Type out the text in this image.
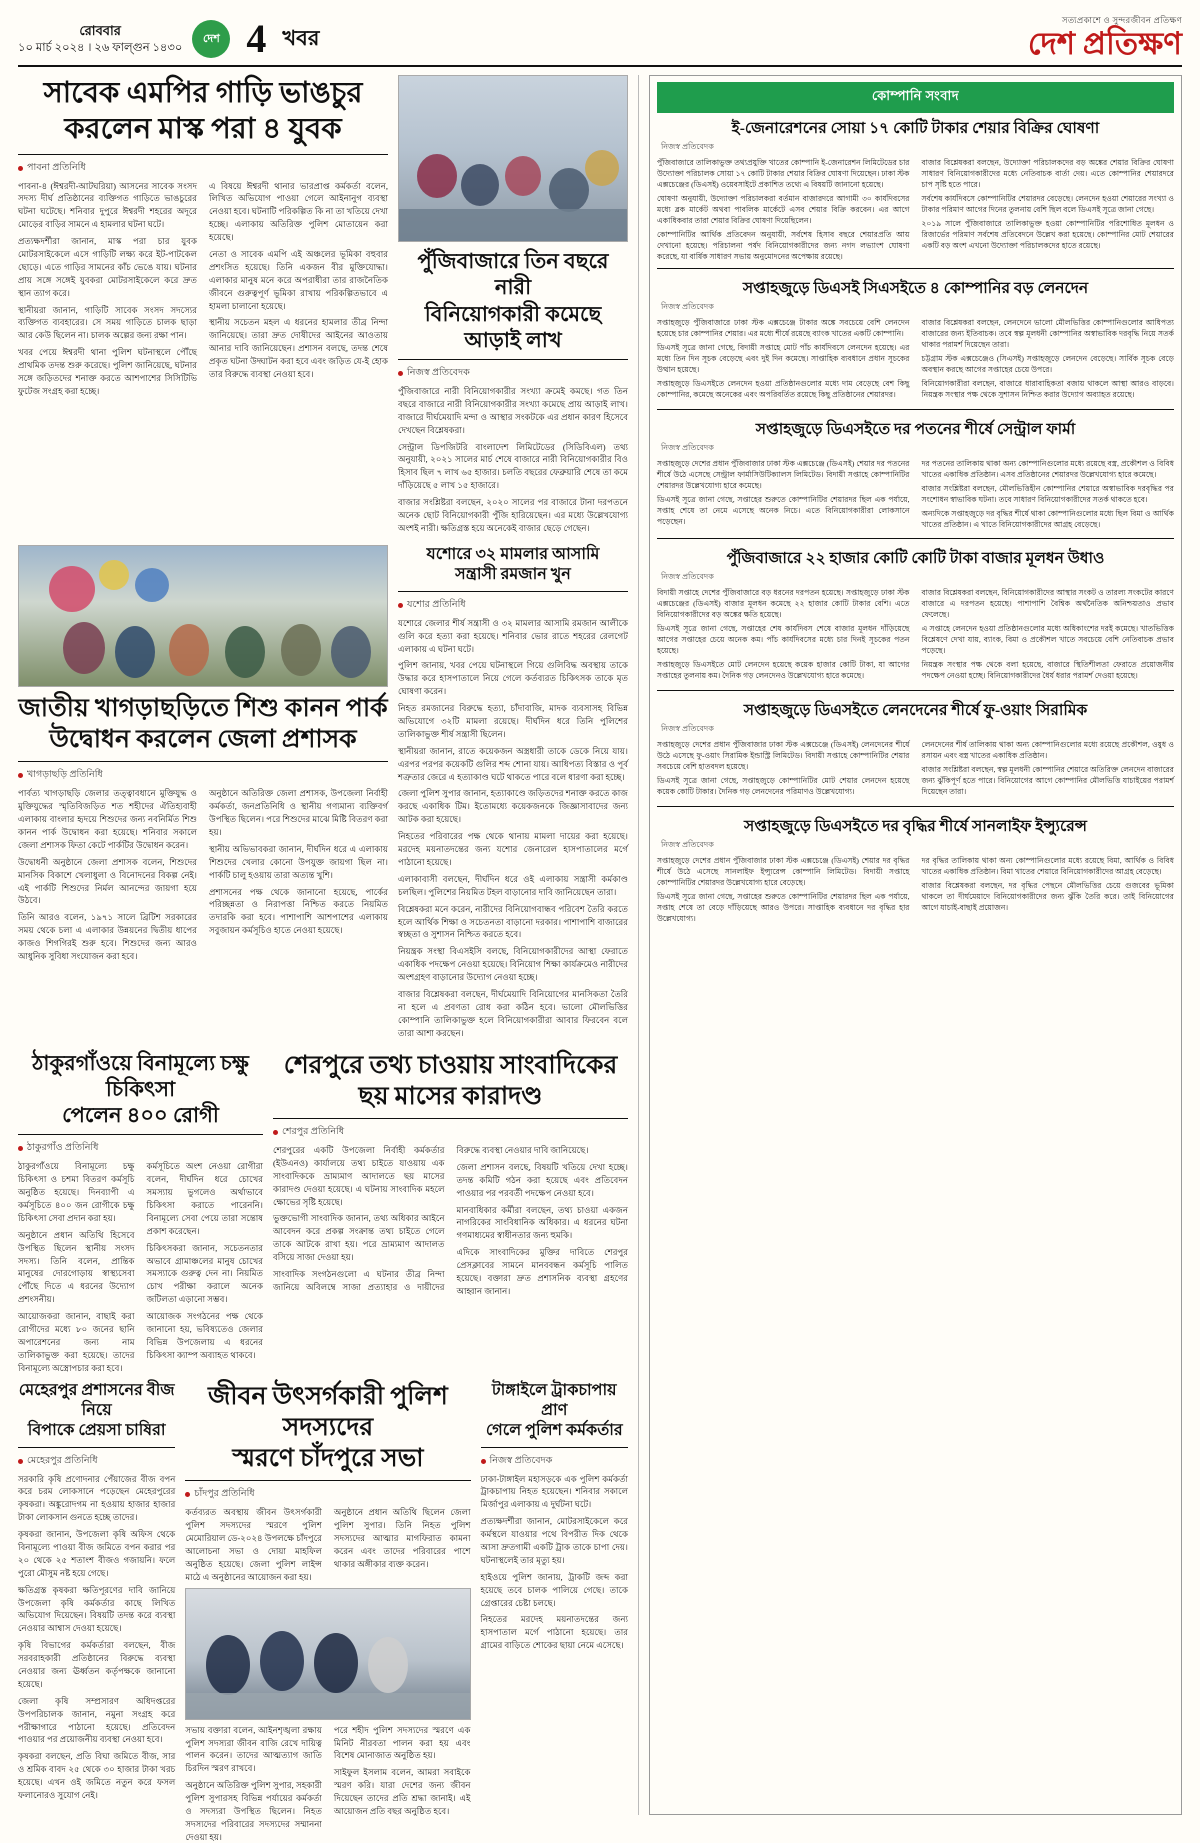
রোববার
১০ মার্চ ২০২৪ । ২৬ ফাল্গুন ১৪৩০
দেশ 4 খবর
সত্যপ্রকাশে ও সুন্দরজীবন প্রতিক্ষণ
দেশ প্রতিক্ষণ
সাবেক এমপির গাড়ি ভাঙচুর
করলেন মাস্ক পরা ৪ যুবক
পাবনা প্রতিনিধি

পাবনা-৪ (ঈশ্বরদী-আটঘরিয়া) আসনের সাবেক সংসদ সদস্য দীর্ঘ প্রতিষ্ঠানের ব্যক্তিগত গাড়িতে ভাঙচুরের ঘটনা ঘটেছে। শনিবার দুপুরে ঈশ্বরদী শহরের অদূরে মোড়ের বাড়ির সামনে এ হামলার ঘটনা ঘটে।

প্রত্যক্ষদর্শীরা জানান, মাস্ক পরা চার যুবক মোটরসাইকেলে এসে গাড়িটি লক্ষ্য করে ইট-পাটকেল ছোড়ে। এতে গাড়ির সামনের কাঁচ ভেঙে যায়। ঘটনার প্রায় সঙ্গে সঙ্গেই যুবকরা মোটরসাইকেলে করে দ্রুত স্থান ত্যাগ করে।

স্থানীয়রা জানান, গাড়িটি সাবেক সংসদ সদস্যের ব্যক্তিগত ব্যবহারের। সে সময় গাড়িতে চালক ছাড়া আর কেউ ছিলেন না। চালক অল্পের জন্য রক্ষা পান।

খবর পেয়ে ঈশ্বরদী থানা পুলিশ ঘটনাস্থলে পৌঁছে প্রাথমিক তদন্ত শুরু করেছে। পুলিশ জানিয়েছে, ঘটনার সঙ্গে জড়িতদের শনাক্ত করতে আশপাশের সিসিটিভি ফুটেজ সংগ্রহ করা হচ্ছে।

এ বিষয়ে ঈশ্বরদী থানার ভারপ্রাপ্ত কর্মকর্তা বলেন, লিখিত অভিযোগ পাওয়া গেলে আইনানুগ ব্যবস্থা নেওয়া হবে। ঘটনাটি পরিকল্পিত কি না তা খতিয়ে দেখা হচ্ছে। এলাকায় অতিরিক্ত পুলিশ মোতায়েন করা হয়েছে।

নেতা ও সাবেক এমপি এই অঞ্চলের ভূমিকা বহুবার প্রশংসিত হয়েছে। তিনি একজন বীর মুক্তিযোদ্ধা। এলাকার মানুষ মনে করে অপরাধীরা তার রাজনৈতিক জীবনে গুরুত্বপূর্ণ ভূমিকা রাখায় পরিকল্পিতভাবে এ হামলা চালানো হয়েছে।

স্থানীয় সচেতন মহল এ ধরনের হামলার তীব্র নিন্দা জানিয়েছে। তারা দ্রুত দোষীদের আইনের আওতায় আনার দাবি জানিয়েছেন। প্রশাসন বলছে, তদন্ত শেষে প্রকৃত ঘটনা উদ্ঘাটন করা হবে এবং জড়িত যে-ই হোক তার বিরুদ্ধে ব্যবস্থা নেওয়া হবে।

পুঁজিবাজারে তিন বছরে নারী
বিনিয়োগকারী কমেছে আড়াই লাখ
নিজস্ব প্রতিবেদক

পুঁজিবাজারে নারী বিনিয়োগকারীর সংখ্যা ক্রমেই কমছে। গত তিন বছরে বাজারে নারী বিনিয়োগকারীর সংখ্যা কমেছে প্রায় আড়াই লাখ। বাজারে দীর্ঘমেয়াদি মন্দা ও আস্থার সংকটকে এর প্রধান কারণ হিসেবে দেখছেন বিশ্লেষকরা।

সেন্ট্রাল ডিপজিটরি বাংলাদেশ লিমিটেডের (সিডিবিএল) তথ্য অনুযায়ী, ২০২১ সালের মার্চ শেষে বাজারে নারী বিনিয়োগকারীর বিও হিসাব ছিল ৭ লাখ ৬৫ হাজার। চলতি বছরের ফেব্রুয়ারি শেষে তা কমে দাঁড়িয়েছে ৫ লাখ ১৫ হাজারে।

বাজার সংশ্লিষ্টরা বলছেন, ২০২০ সালের পর বাজারে টানা দরপতনে অনেক ছোট বিনিয়োগকারী পুঁজি হারিয়েছেন। এর মধ্যে উল্লেখযোগ্য অংশই নারী। ক্ষতিগ্রস্ত হয়ে অনেকেই বাজার ছেড়ে গেছেন।

জাতীয় খাগড়াছড়িতে শিশু কানন পার্ক
উদ্বোধন করলেন জেলা প্রশাসক
খাগড়াছড়ি প্রতিনিধি

পার্বত্য খাগড়াছড়ি জেলার তত্ত্বাবধানে মুক্তিযুদ্ধ ও মুক্তিযুদ্ধের স্মৃতিবিজড়িত শত শহীদের ঐতিহ্যবাহী এলাকায় বাংলার হৃদয়ে শিশুদের জন্য নবনির্মিত শিশু কানন পার্ক উদ্বোধন করা হয়েছে। শনিবার সকালে জেলা প্রশাসক ফিতা কেটে পার্কটির উদ্বোধন করেন।

উদ্বোধনী অনুষ্ঠানে জেলা প্রশাসক বলেন, শিশুদের মানসিক বিকাশে খেলাধুলা ও বিনোদনের বিকল্প নেই। এই পার্কটি শিশুদের নির্মল আনন্দের জায়গা হয়ে উঠবে।

তিনি আরও বলেন, ১৯৭১ সালে ব্রিটিশ সরকারের সময় থেকে চলা এ এলাকার উন্নয়নের দ্বিতীয় ধাপের কাজও শিগগিরই শুরু হবে। শিশুদের জন্য আরও আধুনিক সুবিধা সংযোজন করা হবে।

অনুষ্ঠানে অতিরিক্ত জেলা প্রশাসক, উপজেলা নির্বাহী কর্মকর্তা, জনপ্রতিনিধি ও স্থানীয় গণ্যমান্য ব্যক্তিবর্গ উপস্থিত ছিলেন। পরে শিশুদের মাঝে মিষ্টি বিতরণ করা হয়।

স্থানীয় অভিভাবকরা জানান, দীর্ঘদিন ধরে এ এলাকায় শিশুদের খেলার কোনো উপযুক্ত জায়গা ছিল না। পার্কটি চালু হওয়ায় তারা অত্যন্ত খুশি।

প্রশাসনের পক্ষ থেকে জানানো হয়েছে, পার্কের পরিচ্ছন্নতা ও নিরাপত্তা নিশ্চিত করতে নিয়মিত তদারকি করা হবে। পাশাপাশি আশপাশের এলাকায় সবুজায়ন কর্মসূচিও হাতে নেওয়া হয়েছে।

যশোরে ৩২ মামলার আসামি
সন্ত্রাসী রমজান খুন
যশোর প্রতিনিধি

যশোরে জেলার শীর্ষ সন্ত্রাসী ও ৩২ মামলার আসামি রমজান আলীকে গুলি করে হত্যা করা হয়েছে। শনিবার ভোর রাতে শহরের রেলগেট এলাকায় এ ঘটনা ঘটে।

পুলিশ জানায়, খবর পেয়ে ঘটনাস্থলে গিয়ে গুলিবিদ্ধ অবস্থায় তাকে উদ্ধার করে হাসপাতালে নিয়ে গেলে কর্তব্যরত চিকিৎসক তাকে মৃত ঘোষণা করেন।

নিহত রমজানের বিরুদ্ধে হত্যা, চাঁদাবাজি, মাদক ব্যবসাসহ বিভিন্ন অভিযোগে ৩২টি মামলা রয়েছে। দীর্ঘদিন ধরে তিনি পুলিশের তালিকাভুক্ত শীর্ষ সন্ত্রাসী ছিলেন।

স্থানীয়রা জানান, রাতে কয়েকজন অস্ত্রধারী তাকে ডেকে নিয়ে যায়। এরপর পরপর কয়েকটি গুলির শব্দ শোনা যায়। আধিপত্য বিস্তার ও পূর্ব শত্রুতার জেরে এ হত্যাকাণ্ড ঘটে থাকতে পারে বলে ধারণা করা হচ্ছে।

জেলা পুলিশ সুপার জানান, হত্যাকাণ্ডে জড়িতদের শনাক্ত করতে কাজ করছে একাধিক টিম। ইতোমধ্যে কয়েকজনকে জিজ্ঞাসাবাদের জন্য আটক করা হয়েছে।

নিহতের পরিবারের পক্ষ থেকে থানায় মামলা দায়ের করা হয়েছে। মরদেহ ময়নাতদন্তের জন্য যশোর জেনারেল হাসপাতালের মর্গে পাঠানো হয়েছে।

এলাকাবাসী বলছেন, দীর্ঘদিন ধরে ওই এলাকায় সন্ত্রাসী কর্মকাণ্ড চলছিল। পুলিশের নিয়মিত টহল বাড়ানোর দাবি জানিয়েছেন তারা।

বিশ্লেষকরা মনে করেন, নারীদের বিনিয়োগবান্ধব পরিবেশ তৈরি করতে হলে আর্থিক শিক্ষা ও সচেতনতা বাড়ানো দরকার। পাশাপাশি বাজারের স্বচ্ছতা ও সুশাসন নিশ্চিত করতে হবে।

নিয়ন্ত্রক সংস্থা বিএসইসি বলছে, বিনিয়োগকারীদের আস্থা ফেরাতে একাধিক পদক্ষেপ নেওয়া হয়েছে। বিনিয়োগ শিক্ষা কার্যক্রমেও নারীদের অংশগ্রহণ বাড়ানোর উদ্যোগ নেওয়া হচ্ছে।

বাজার বিশ্লেষকরা বলছেন, দীর্ঘমেয়াদি বিনিয়োগের মানসিকতা তৈরি না হলে এ প্রবণতা রোধ করা কঠিন হবে। ভালো মৌলভিত্তির কোম্পানি তালিকাভুক্ত হলে বিনিয়োগকারীরা আবার ফিরবেন বলে তারা আশা করছেন।

ঠাকুরগাঁওয়ে বিনামূল্যে চক্ষু চিকিৎসা
পেলেন ৪০০ রোগী
ঠাকুরগাঁও প্রতিনিধি

ঠাকুরগাঁওয়ে বিনামূল্যে চক্ষু চিকিৎসা ও চশমা বিতরণ কর্মসূচি অনুষ্ঠিত হয়েছে। দিনব্যাপী এ কর্মসূচিতে ৪০০ জন রোগীকে চক্ষু চিকিৎসা সেবা প্রদান করা হয়।

অনুষ্ঠানে প্রধান অতিথি হিসেবে উপস্থিত ছিলেন স্থানীয় সংসদ সদস্য। তিনি বলেন, প্রান্তিক মানুষের দোরগোড়ায় স্বাস্থ্যসেবা পৌঁছে দিতে এ ধরনের উদ্যোগ প্রশংসনীয়।

আয়োজকরা জানান, বাছাই করা রোগীদের মধ্যে ৮০ জনের ছানি অপারেশনের জন্য নাম তালিকাভুক্ত করা হয়েছে। তাদের বিনামূল্যে অস্ত্রোপচার করা হবে।

কর্মসূচিতে অংশ নেওয়া রোগীরা বলেন, দীর্ঘদিন ধরে চোখের সমস্যায় ভুগলেও অর্থাভাবে চিকিৎসা করাতে পারেননি। বিনামূল্যে সেবা পেয়ে তারা সন্তোষ প্রকাশ করেছেন।

চিকিৎসকরা জানান, সচেতনতার অভাবে গ্রামাঞ্চলের মানুষ চোখের সমস্যাকে গুরুত্ব দেন না। নিয়মিত চোখ পরীক্ষা করালে অনেক জটিলতা এড়ানো সম্ভব।

আয়োজক সংগঠনের পক্ষ থেকে জানানো হয়, ভবিষ্যতেও জেলার বিভিন্ন উপজেলায় এ ধরনের চিকিৎসা ক্যাম্প অব্যাহত থাকবে।

শেরপুরে তথ্য চাওয়ায় সাংবাদিকের
ছয় মাসের কারাদণ্ড
শেরপুর প্রতিনিধি

শেরপুরের একটি উপজেলা নির্বাহী কর্মকর্তার (ইউএনও) কার্যালয়ে তথ্য চাইতে যাওয়ায় এক সাংবাদিককে ভ্রাম্যমাণ আদালতে ছয় মাসের কারাদণ্ড দেওয়া হয়েছে। এ ঘটনায় সাংবাদিক মহলে ক্ষোভের সৃষ্টি হয়েছে।

ভুক্তভোগী সাংবাদিক জানান, তথ্য অধিকার আইনে আবেদন করে প্রকল্প সংক্রান্ত তথ্য চাইতে গেলে তাকে আটকে রাখা হয়। পরে ভ্রাম্যমাণ আদালত বসিয়ে সাজা দেওয়া হয়।

সাংবাদিক সংগঠনগুলো এ ঘটনার তীব্র নিন্দা জানিয়ে অবিলম্বে সাজা প্রত্যাহার ও দায়ীদের বিরুদ্ধে ব্যবস্থা নেওয়ার দাবি জানিয়েছে।

জেলা প্রশাসন বলছে, বিষয়টি খতিয়ে দেখা হচ্ছে। তদন্ত কমিটি গঠন করা হয়েছে এবং প্রতিবেদন পাওয়ার পর পরবর্তী পদক্ষেপ নেওয়া হবে।

মানবাধিকার কর্মীরা বলছেন, তথ্য চাওয়া একজন নাগরিকের সাংবিধানিক অধিকার। এ ধরনের ঘটনা গণমাধ্যমের স্বাধীনতার জন্য হুমকি।

এদিকে সাংবাদিকের মুক্তির দাবিতে শেরপুর প্রেসক্লাবের সামনে মানববন্ধন কর্মসূচি পালিত হয়েছে। বক্তারা দ্রুত প্রশাসনিক ব্যবস্থা গ্রহণের আহ্বান জানান।

মেহেরপুর প্রশাসনের বীজ নিয়ে
বিপাকে প্রেয়সা চাষিরা
মেহেরপুর প্রতিনিধি

সরকারি কৃষি প্রণোদনার পেঁয়াজের বীজ বপন করে চরম লোকসানে পড়েছেন মেহেরপুরের কৃষকরা। অঙ্কুরোদগম না হওয়ায় হাজার হাজার টাকা লোকসান গুনতে হচ্ছে তাদের।

কৃষকরা জানান, উপজেলা কৃষি অফিস থেকে বিনামূল্যে পাওয়া বীজ জমিতে বপন করার পর ২০ থেকে ২৫ শতাংশ বীজও গজায়নি। ফলে পুরো মৌসুম নষ্ট হয়ে গেছে।

ক্ষতিগ্রস্ত কৃষকরা ক্ষতিপূরণের দাবি জানিয়ে উপজেলা কৃষি কর্মকর্তার কাছে লিখিত অভিযোগ দিয়েছেন। বিষয়টি তদন্ত করে ব্যবস্থা নেওয়ার আশ্বাস দেওয়া হয়েছে।

কৃষি বিভাগের কর্মকর্তারা বলছেন, বীজ সরবরাহকারী প্রতিষ্ঠানের বিরুদ্ধে ব্যবস্থা নেওয়ার জন্য ঊর্ধ্বতন কর্তৃপক্ষকে জানানো হয়েছে।

জেলা কৃষি সম্প্রসারণ অধিদপ্তরের উপপরিচালক জানান, নমুনা সংগ্রহ করে পরীক্ষাগারে পাঠানো হয়েছে। প্রতিবেদন পাওয়ার পর প্রয়োজনীয় ব্যবস্থা নেওয়া হবে।

কৃষকরা বলছেন, প্রতি বিঘা জমিতে বীজ, সার ও শ্রমিক বাবদ ২৫ থেকে ৩০ হাজার টাকা খরচ হয়েছে। এখন ওই জমিতে নতুন করে ফসল ফলানোরও সুযোগ নেই।

জীবন উৎসর্গকারী পুলিশ সদস্যদের
স্মরণে চাঁদপুরে সভা
চাঁদপুর প্রতিনিধি

কর্তব্যরত অবস্থায় জীবন উৎসর্গকারী পুলিশ সদস্যদের স্মরণে পুলিশ মেমোরিয়াল ডে-২০২৪ উপলক্ষে চাঁদপুরে আলোচনা সভা ও দোয়া মাহফিল অনুষ্ঠিত হয়েছে। জেলা পুলিশ লাইন্স মাঠে এ অনুষ্ঠানের আয়োজন করা হয়।

অনুষ্ঠানে প্রধান অতিথি ছিলেন জেলা পুলিশ সুপার। তিনি নিহত পুলিশ সদস্যদের আত্মার মাগফিরাত কামনা করেন এবং তাদের পরিবারের পাশে থাকার অঙ্গীকার ব্যক্ত করেন।

সভায় বক্তারা বলেন, আইনশৃঙ্খলা রক্ষায় পুলিশ সদস্যরা জীবন বাজি রেখে দায়িত্ব পালন করেন। তাদের আত্মত্যাগ জাতি চিরদিন স্মরণ রাখবে।

অনুষ্ঠানে অতিরিক্ত পুলিশ সুপার, সহকারী পুলিশ সুপারসহ বিভিন্ন পর্যায়ের কর্মকর্তা ও সদস্যরা উপস্থিত ছিলেন। নিহত সদস্যদের পরিবারের সদস্যদের সম্মাননা দেওয়া হয়।

পরে শহীদ পুলিশ সদস্যদের স্মরণে এক মিনিট নীরবতা পালন করা হয় এবং বিশেষ মোনাজাত অনুষ্ঠিত হয়।

সাইফুল ইসলাম বলেন, আমরা সবাইকে স্মরণ করি। যারা দেশের জন্য জীবন দিয়েছেন তাদের প্রতি শ্রদ্ধা জানাই। এই আয়োজন প্রতি বছর অনুষ্ঠিত হবে।

টাঙ্গাইলে ট্রাকচাপায় প্রাণ
গেলে পুলিশ কর্মকর্তার
নিজস্ব প্রতিবেদক

ঢাকা-টাঙ্গাইল মহাসড়কে এক পুলিশ কর্মকর্তা ট্রাকচাপায় নিহত হয়েছেন। শনিবার সকালে মির্জাপুর এলাকায় এ দুর্ঘটনা ঘটে।

প্রত্যক্ষদর্শীরা জানান, মোটরসাইকেলে করে কর্মস্থলে যাওয়ার পথে বিপরীত দিক থেকে আসা দ্রুতগামী একটি ট্রাক তাকে চাপা দেয়। ঘটনাস্থলেই তার মৃত্যু হয়।

হাইওয়ে পুলিশ জানায়, ট্রাকটি জব্দ করা হয়েছে তবে চালক পালিয়ে গেছে। তাকে গ্রেপ্তারের চেষ্টা চলছে।

নিহতের মরদেহ ময়নাতদন্তের জন্য হাসপাতাল মর্গে পাঠানো হয়েছে। তার গ্রামের বাড়িতে শোকের ছায়া নেমে এসেছে।

কোম্পানি সংবাদ
ই-জেনারেশনের সোয়া ১৭ কোটি টাকার শেয়ার বিক্রির ঘোষণা
নিজস্ব প্রতিবেদক

পুঁজিবাজারে তালিকাভুক্ত তথ্যপ্রযুক্তি খাতের কোম্পানি ই-জেনারেশন লিমিটেডের চার উদ্যোক্তা পরিচালক সোয়া ১৭ কোটি টাকার শেয়ার বিক্রির ঘোষণা দিয়েছেন। ঢাকা স্টক এক্সচেঞ্জের (ডিএসই) ওয়েবসাইটে প্রকাশিত তথ্যে এ বিষয়টি জানানো হয়েছে।

ঘোষণা অনুযায়ী, উদ্যোক্তা পরিচালকরা বর্তমান বাজারদরে আগামী ৩০ কার্যদিবসের মধ্যে ব্লক মার্কেট অথবা পাবলিক মার্কেটে এসব শেয়ার বিক্রি করবেন। এর আগে একাধিকবার তারা শেয়ার বিক্রির ঘোষণা দিয়েছিলেন।

কোম্পানিটির আর্থিক প্রতিবেদন অনুযায়ী, সর্বশেষ হিসাব বছরে শেয়ারপ্রতি আয় দেখানো হয়েছে। পরিচালনা পর্ষদ বিনিয়োগকারীদের জন্য নগদ লভ্যাংশ ঘোষণা করেছে, যা বার্ষিক সাধারণ সভায় অনুমোদনের অপেক্ষায় রয়েছে।

বাজার বিশ্লেষকরা বলছেন, উদ্যোক্তা পরিচালকদের বড় অঙ্কের শেয়ার বিক্রির ঘোষণা সাধারণ বিনিয়োগকারীদের মধ্যে নেতিবাচক বার্তা দেয়। এতে কোম্পানির শেয়ারদরে চাপ সৃষ্টি হতে পারে।

সর্বশেষ কার্যদিবসে কোম্পানিটির শেয়ারদর বেড়েছে। লেনদেন হওয়া শেয়ারের সংখ্যা ও টাকার পরিমাণ আগের দিনের তুলনায় বেশি ছিল বলে ডিএসই সূত্রে জানা গেছে।

২০১৯ সালে পুঁজিবাজারে তালিকাভুক্ত হওয়া কোম্পানিটির পরিশোধিত মূলধন ও রিজার্ভের পরিমাণ সর্বশেষ প্রতিবেদনে উল্লেখ করা হয়েছে। কোম্পানির মোট শেয়ারের একটি বড় অংশ এখনো উদ্যোক্তা পরিচালকদের হাতে রয়েছে।

সপ্তাহজুড়ে ডিএসই সিএসইতে ৪ কোম্পানির বড় লেনদেন
নিজস্ব প্রতিবেদক

সপ্তাহজুড়ে পুঁজিবাজারে ঢাকা স্টক এক্সচেঞ্জে টাকার অঙ্কে সবচেয়ে বেশি লেনদেন হয়েছে চার কোম্পানির শেয়ার। এর মধ্যে শীর্ষে রয়েছে ব্যাংক খাতের একটি কোম্পানি।

ডিএসই সূত্রে জানা গেছে, বিদায়ী সপ্তাহে মোট পাঁচ কার্যদিবসে লেনদেন হয়েছে। এর মধ্যে তিন দিন সূচক বেড়েছে এবং দুই দিন কমেছে। সাপ্তাহিক ব্যবধানে প্রধান সূচকের উত্থান হয়েছে।

সপ্তাহজুড়ে ডিএসইতে লেনদেন হওয়া প্রতিষ্ঠানগুলোর মধ্যে দাম বেড়েছে বেশ কিছু কোম্পানির, কমেছে অনেকের এবং অপরিবর্তিত রয়েছে কিছু প্রতিষ্ঠানের শেয়ারদর।

বাজার বিশ্লেষকরা বলছেন, লেনদেনে ভালো মৌলভিত্তির কোম্পানিগুলোর আধিপত্য বাজারের জন্য ইতিবাচক। তবে স্বল্প মূলধনী কোম্পানির অস্বাভাবিক দরবৃদ্ধি নিয়ে সতর্ক থাকার পরামর্শ দিয়েছেন তারা।

চট্টগ্রাম স্টক এক্সচেঞ্জেও (সিএসই) সপ্তাহজুড়ে লেনদেন বেড়েছে। সার্বিক সূচক বেড়ে অবস্থান করছে আগের সপ্তাহের চেয়ে উপরে।

বিনিয়োগকারীরা বলছেন, বাজারে ধারাবাহিকতা বজায় থাকলে আস্থা আরও বাড়বে। নিয়ন্ত্রক সংস্থার পক্ষ থেকে সুশাসন নিশ্চিত করার উদ্যোগ অব্যাহত রয়েছে।

সপ্তাহজুড়ে ডিএসইতে দর পতনের শীর্ষে সেন্ট্রাল ফার্মা
নিজস্ব প্রতিবেদক

সপ্তাহজুড়ে দেশের প্রধান পুঁজিবাজার ঢাকা স্টক এক্সচেঞ্জে (ডিএসই) শেয়ার দর পতনের শীর্ষে উঠে এসেছে সেন্ট্রাল ফার্মাসিউটিক্যালস লিমিটেড। বিদায়ী সপ্তাহে কোম্পানিটির শেয়ারদর উল্লেখযোগ্য হারে কমেছে।

ডিএসই সূত্রে জানা গেছে, সপ্তাহের শুরুতে কোম্পানিটির শেয়ারদর ছিল এক পর্যায়ে, সপ্তাহ শেষে তা নেমে এসেছে অনেক নিচে। এতে বিনিয়োগকারীরা লোকসানে পড়েছেন।

দর পতনের তালিকায় থাকা অন্য কোম্পানিগুলোর মধ্যে রয়েছে বস্ত্র, প্রকৌশল ও বিবিধ খাতের একাধিক প্রতিষ্ঠান। এসব প্রতিষ্ঠানের শেয়ারদর উল্লেখযোগ্য হারে কমেছে।

বাজার সংশ্লিষ্টরা বলছেন, মৌলভিত্তিহীন কোম্পানির শেয়ারে অস্বাভাবিক দরবৃদ্ধির পর সংশোধন স্বাভাবিক ঘটনা। তবে সাধারণ বিনিয়োগকারীদের সতর্ক থাকতে হবে।

অন্যদিকে সপ্তাহজুড়ে দর বৃদ্ধির শীর্ষে থাকা কোম্পানিগুলোর মধ্যে ছিল বিমা ও আর্থিক খাতের প্রতিষ্ঠান। এ খাতে বিনিয়োগকারীদের আগ্রহ বেড়েছে।

পুঁজিবাজারে ২২ হাজার কোটি কোটি টাকা বাজার মূলধন উধাও
নিজস্ব প্রতিবেদক

বিদায়ী সপ্তাহে দেশের পুঁজিবাজারে বড় ধরনের দরপতন হয়েছে। সপ্তাহজুড়ে ঢাকা স্টক এক্সচেঞ্জের (ডিএসই) বাজার মূলধন কমেছে ২২ হাজার কোটি টাকার বেশি। এতে বিনিয়োগকারীদের বড় অঙ্কের ক্ষতি হয়েছে।

ডিএসই সূত্রে জানা গেছে, সপ্তাহের শেষ কার্যদিবস শেষে বাজার মূলধন দাঁড়িয়েছে আগের সপ্তাহের চেয়ে অনেক কম। পাঁচ কার্যদিবসের মধ্যে চার দিনই সূচকের পতন হয়েছে।

সপ্তাহজুড়ে ডিএসইতে মোট লেনদেন হয়েছে কয়েক হাজার কোটি টাকা, যা আগের সপ্তাহের তুলনায় কম। দৈনিক গড় লেনদেনও উল্লেখযোগ্য হারে কমেছে।

বাজার বিশ্লেষকরা বলছেন, বিনিয়োগকারীদের আস্থার সংকট ও তারল্য সংকটের কারণে বাজারে এ দরপতন হয়েছে। পাশাপাশি বৈশ্বিক অর্থনৈতিক অনিশ্চয়তাও প্রভাব ফেলেছে।

এ সপ্তাহে লেনদেন হওয়া প্রতিষ্ঠানগুলোর মধ্যে অধিকাংশের দরই কমেছে। খাতভিত্তিক বিশ্লেষণে দেখা যায়, ব্যাংক, বিমা ও প্রকৌশল খাতে সবচেয়ে বেশি নেতিবাচক প্রভাব পড়েছে।

নিয়ন্ত্রক সংস্থার পক্ষ থেকে বলা হয়েছে, বাজারে স্থিতিশীলতা ফেরাতে প্রয়োজনীয় পদক্ষেপ নেওয়া হচ্ছে। বিনিয়োগকারীদের ধৈর্য ধরার পরামর্শ দেওয়া হয়েছে।

সপ্তাহজুড়ে ডিএসইতে লেনদেনের শীর্ষে ফু-ওয়াং সিরামিক
নিজস্ব প্রতিবেদক

সপ্তাহজুড়ে দেশের প্রধান পুঁজিবাজার ঢাকা স্টক এক্সচেঞ্জে (ডিএসই) লেনদেনের শীর্ষে উঠে এসেছে ফু-ওয়াং সিরামিক ইন্ডাস্ট্রি লিমিটেড। বিদায়ী সপ্তাহে কোম্পানিটির শেয়ার সবচেয়ে বেশি হাতবদল হয়েছে।

ডিএসই সূত্রে জানা গেছে, সপ্তাহজুড়ে কোম্পানিটির মোট শেয়ার লেনদেন হয়েছে কয়েক কোটি টাকার। দৈনিক গড় লেনদেনের পরিমাণও উল্লেখযোগ্য।

লেনদেনের শীর্ষ তালিকায় থাকা অন্য কোম্পানিগুলোর মধ্যে রয়েছে প্রকৌশল, ওষুধ ও রসায়ন এবং বস্ত্র খাতের একাধিক প্রতিষ্ঠান।

বাজার সংশ্লিষ্টরা বলছেন, স্বল্প মূলধনী কোম্পানির শেয়ারে অতিরিক্ত লেনদেন বাজারের জন্য ঝুঁকিপূর্ণ হতে পারে। বিনিয়োগের আগে কোম্পানির মৌলভিত্তি যাচাইয়ের পরামর্শ দিয়েছেন তারা।

সপ্তাহজুড়ে ডিএসইতে দর বৃদ্ধির শীর্ষে সানলাইফ ইন্স্যুরেন্স
নিজস্ব প্রতিবেদক

সপ্তাহজুড়ে দেশের প্রধান পুঁজিবাজার ঢাকা স্টক এক্সচেঞ্জে (ডিএসই) শেয়ার দর বৃদ্ধির শীর্ষে উঠে এসেছে সানলাইফ ইন্স্যুরেন্স কোম্পানি লিমিটেড। বিদায়ী সপ্তাহে কোম্পানিটির শেয়ারদর উল্লেখযোগ্য হারে বেড়েছে।

ডিএসই সূত্রে জানা গেছে, সপ্তাহের শুরুতে কোম্পানিটির শেয়ারদর ছিল এক পর্যায়ে, সপ্তাহ শেষে তা বেড়ে দাঁড়িয়েছে আরও উপরে। সাপ্তাহিক ব্যবধানে দর বৃদ্ধির হার উল্লেখযোগ্য।

দর বৃদ্ধির তালিকায় থাকা অন্য কোম্পানিগুলোর মধ্যে রয়েছে বিমা, আর্থিক ও বিবিধ খাতের একাধিক প্রতিষ্ঠান। বিমা খাতের শেয়ারে বিনিয়োগকারীদের আগ্রহ বেড়েছে।

বাজার বিশ্লেষকরা বলছেন, দর বৃদ্ধির পেছনে মৌলভিত্তির চেয়ে গুজবের ভূমিকা থাকলে তা দীর্ঘমেয়াদে বিনিয়োগকারীদের জন্য ঝুঁকি তৈরি করে। তাই বিনিয়োগের আগে যাচাই-বাছাই প্রয়োজন।
